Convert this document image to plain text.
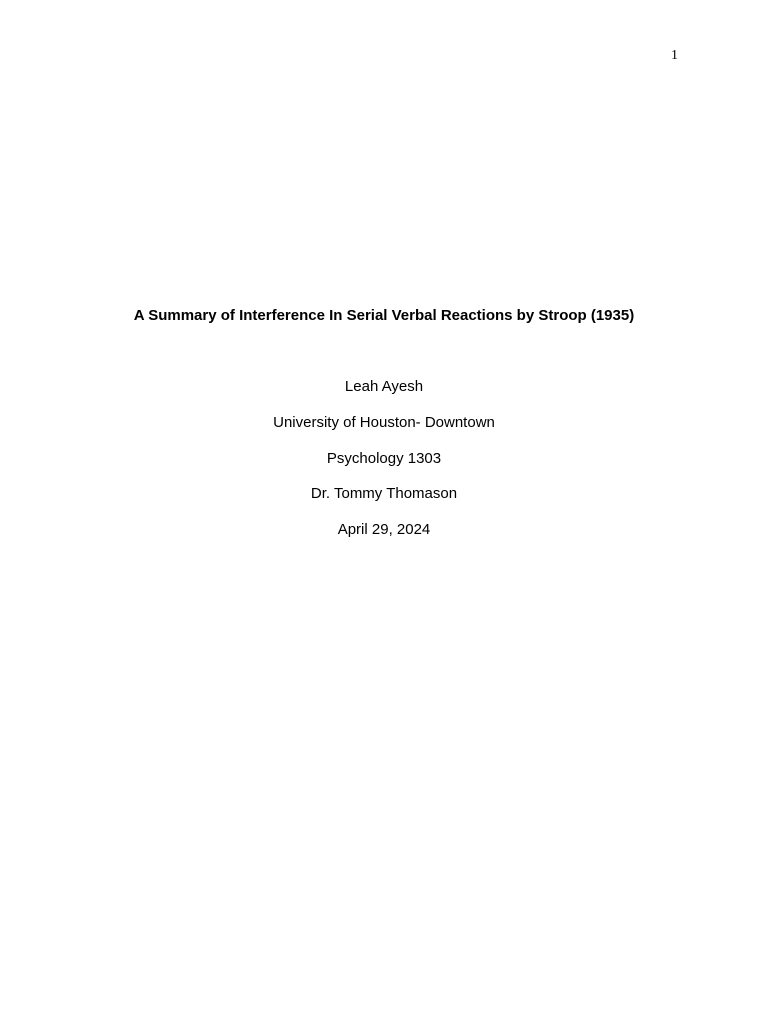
1
A Summary of Interference In Serial Verbal Reactions by Stroop (1935)
Leah Ayesh
University of Houston- Downtown
Psychology 1303
Dr. Tommy Thomason
April 29, 2024
